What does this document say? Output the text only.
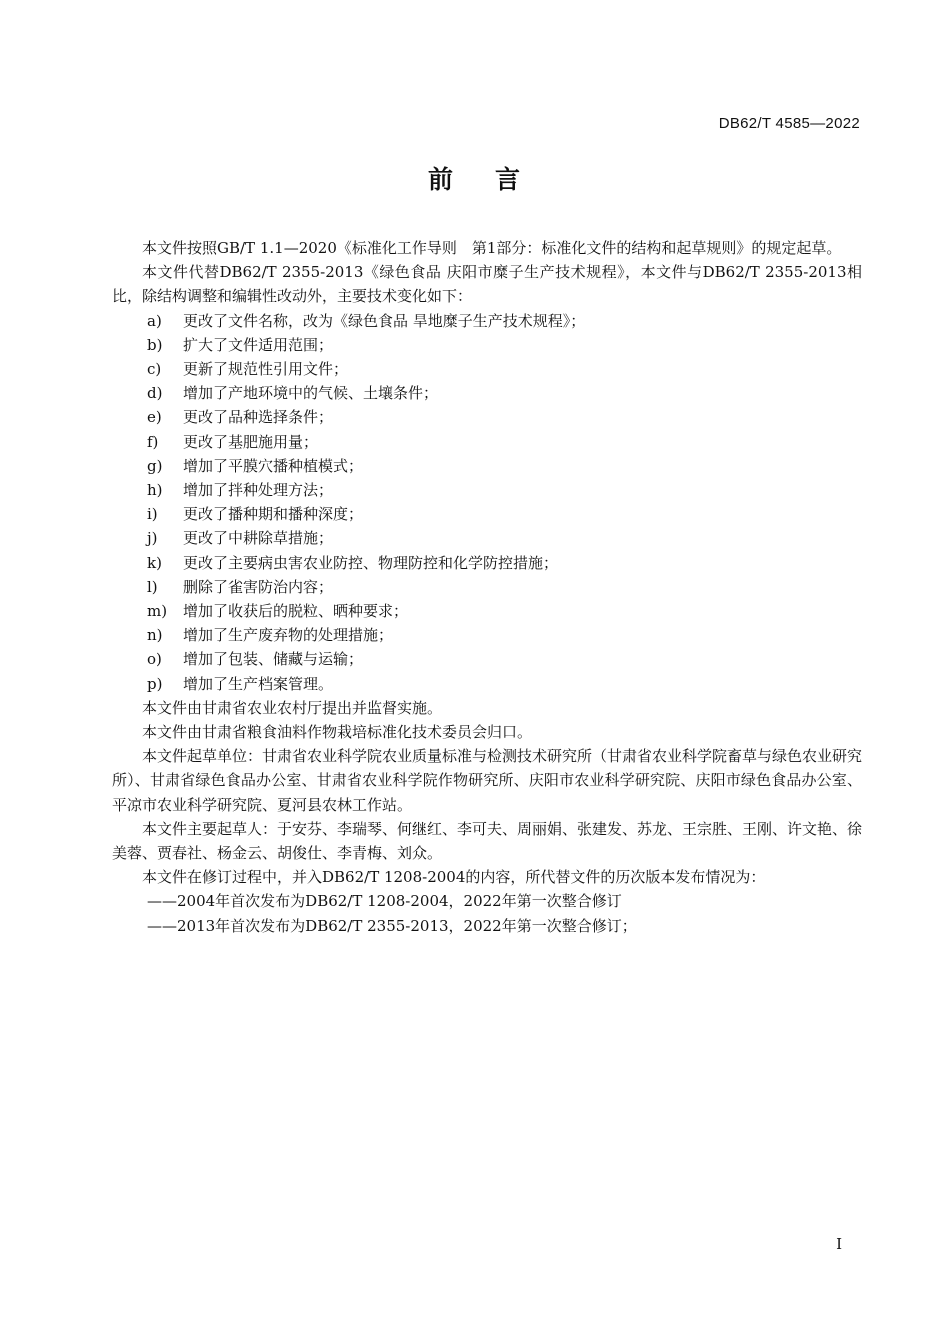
DB62/T 4585—2022
前 言

本文件按照GB/T 1.1—2020《标准化工作导则　第1部分：标准化文件的结构和起草规则》的规定起草。

本文件代替DB62/T 2355-2013《绿色食品 庆阳市糜子生产技术规程》，本文件与DB62/T 2355-2013相比，除结构调整和编辑性改动外，主要技术变化如下：

a) 更改了文件名称，改为《绿色食品 旱地糜子生产技术规程》；

b) 扩大了文件适用范围；

c) 更新了规范性引用文件；

d) 增加了产地环境中的气候、土壤条件；

e) 更改了品种选择条件；

f) 更改了基肥施用量；

g) 增加了平膜穴播种植模式；

h) 增加了拌种处理方法；

i) 更改了播种期和播种深度；

j) 更改了中耕除草措施；

k) 更改了主要病虫害农业防控、物理防控和化学防控措施；

l) 删除了雀害防治内容；

m) 增加了收获后的脱粒、晒种要求；

n) 增加了生产废弃物的处理措施；

o) 增加了包装、储藏与运输；

p) 增加了生产档案管理。

本文件由甘肃省农业农村厅提出并监督实施。

本文件由甘肃省粮食油料作物栽培标准化技术委员会归口。

本文件起草单位：甘肃省农业科学院农业质量标准与检测技术研究所（甘肃省农业科学院畜草与绿色农业研究所）、甘肃省绿色食品办公室、甘肃省农业科学院作物研究所、庆阳市农业科学研究院、庆阳市绿色食品办公室、平凉市农业科学研究院、夏河县农林工作站。

本文件主要起草人：于安芬、李瑞琴、何继红、李可夫、周丽娟、张建发、苏龙、王宗胜、王刚、许文艳、徐美蓉、贾春社、杨金云、胡俊仕、李青梅、刘众。

本文件在修订过程中，并入DB62/T 1208-2004的内容，所代替文件的历次版本发布情况为：

——2004年首次发布为DB62/T 1208-2004，2022年第一次整合修订

——2013年首次发布为DB62/T 2355-2013，2022年第一次整合修订；

I
